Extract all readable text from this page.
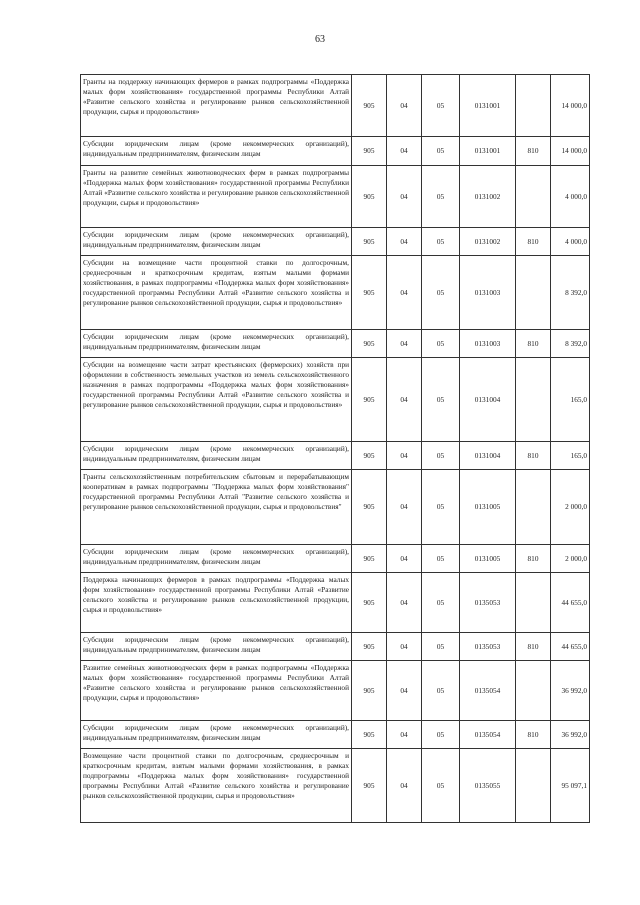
63
Гранты на поддержку начинающих фермеров в рамках подпрограммы «Поддержка малых форм хозяйствования» государственной программы Республики Алтай «Развитие сельского хозяйства и регулирование рынков сельскохозяйственной продукции, сырья и продовольствия»	905	04	05	0131001		14 000,0
Субсидии юридическим лицам (кроме некоммерческих организаций), индивидуальным предпринимателям, физическим лицам	905	04	05	0131001	810	14 000,0
Гранты на развитие семейных животноводческих ферм в рамках подпрограммы «Поддержка малых форм хозяйствования» государственной программы Республики Алтай «Развитие сельского хозяйства и регулирование рынков сельскохозяйственной продукции, сырья и продовольствия»	905	04	05	0131002		4 000,0
Субсидии юридическим лицам (кроме некоммерческих организаций), индивидуальным предпринимателям, физическим лицам	905	04	05	0131002	810	4 000,0
Субсидии на возмещение части процентной ставки по долгосрочным, среднесрочным и краткосрочным кредитам, взятым малыми формами хозяйствования, в рамках подпрограммы «Поддержка малых форм хозяйствования» государственной программы Республики Алтай «Развитие сельского хозяйства и регулирование рынков сельскохозяйственной продукции, сырья и продовольствия»	905	04	05	0131003		8 392,0
Субсидии юридическим лицам (кроме некоммерческих организаций), индивидуальным предпринимателям, физическим лицам	905	04	05	0131003	810	8 392,0
Субсидии на возмещение части затрат крестьянских (фермерских) хозяйств при оформлении в собственность земельных участков из земель сельскохозяйственного назначения в рамках подпрограммы «Поддержка малых форм хозяйствования» государственной программы Республики Алтай «Развитие сельского хозяйства и регулирование рынков сельскохозяйственной продукции, сырья и продовольствия»	905	04	05	0131004		165,0
Субсидии юридическим лицам (кроме некоммерческих организаций), индивидуальным предпринимателям, физическим лицам	905	04	05	0131004	810	165,0
Гранты сельскохозяйственным потребительским сбытовым и перерабатывающим кооперативам в рамках подпрограммы "Поддержка малых форм хозяйствования" государственной программы Республики Алтай "Развитие сельского хозяйства и регулирование рынков сельскохозяйственной продукции, сырья и продовольствия"	905	04	05	0131005		2 000,0
Субсидии юридическим лицам (кроме некоммерческих организаций), индивидуальным предпринимателям, физическим лицам	905	04	05	0131005	810	2 000,0
Поддержка начинающих фермеров в рамках подпрограммы «Поддержка малых форм хозяйствования» государственной программы Республики Алтай «Развитие сельского хозяйства и регулирование рынков сельскохозяйственной продукции, сырья и продовольствия»	905	04	05	0135053		44 655,0
Субсидии юридическим лицам (кроме некоммерческих организаций), индивидуальным предпринимателям, физическим лицам	905	04	05	0135053	810	44 655,0
Развитие семейных животноводческих ферм в рамках подпрограммы «Поддержка малых форм хозяйствования» государственной программы Республики Алтай «Развитие сельского хозяйства и регулирование рынков сельскохозяйственной продукции, сырья и продовольствия»	905	04	05	0135054		36 992,0
Субсидии юридическим лицам (кроме некоммерческих организаций), индивидуальным предпринимателям, физическим лицам	905	04	05	0135054	810	36 992,0
Возмещение части процентной ставки по долгосрочным, среднесрочным и краткосрочным кредитам, взятым малыми формами хозяйствования, в рамках подпрограммы «Поддержка малых форм хозяйствования» государственной программы Республики Алтай «Развитие сельского хозяйства и регулирование рынков сельскохозяйственной продукции, сырья и продовольствия»	905	04	05	0135055		95 097,1
